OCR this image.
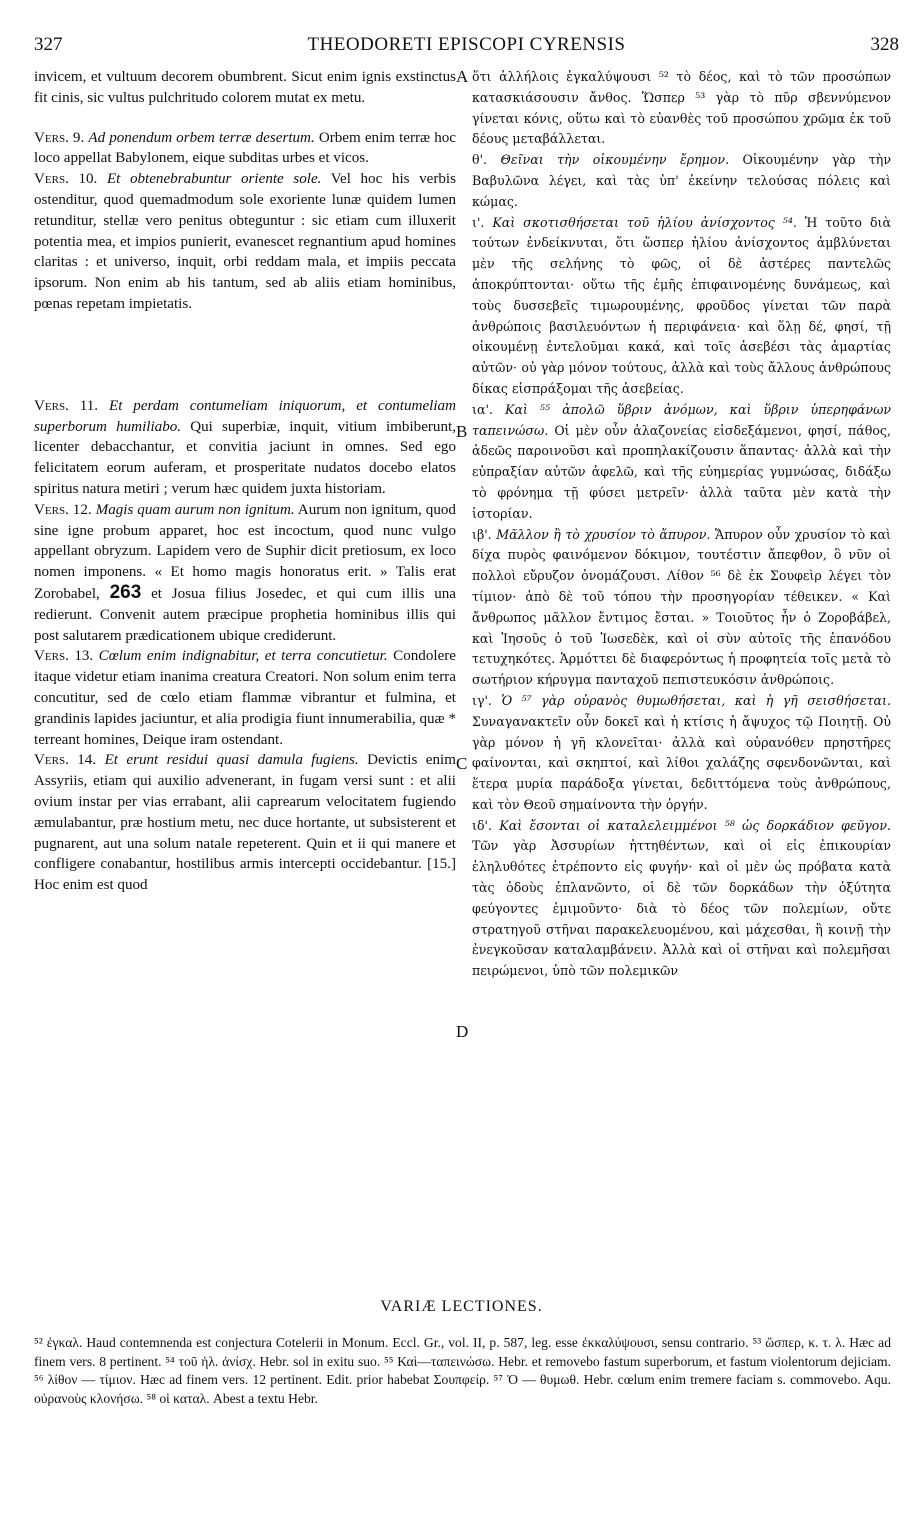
327	THEODORETI EPISCOPI CYRENSIS	328
A
B
C
D

invicem, et vultuum decorem obumbrent. Sicut enim ignis exstinctus fit cinis, sic vultus pulchritudo colorem mutat ex metu.

Vers. 9. Ad ponendum orbem terræ desertum. Orbem enim terræ hoc loco appellat Babylonem, eique subditas urbes et vicos.

Vers. 10. Et obtenebrabuntur oriente sole. Vel hoc his verbis ostenditur, quod quemadmodum sole exoriente lunæ quidem lumen retunditur, stellæ vero penitus obteguntur : sic etiam cum illuxerit potentia mea, et impios punierit, evanescet regnantium apud homines claritas : et universo, inquit, orbi reddam mala, et impiis peccata ipsorum. Non enim ab his tantum, sed ab aliis etiam hominibus, pœnas repetam impietatis.

Vers. 11. Et perdam contumeliam iniquorum, et contumeliam superborum humiliabo. Qui superbiæ, inquit, vitium imbiberunt, licenter debacchantur, et convitia jaciunt in omnes. Sed ego felicitatem eorum auferam, et prosperitate nudatos docebo elatos spiritus natura metiri ; verum hæc quidem juxta historiam.

Vers. 12. Magis quam aurum non ignitum. Aurum non ignitum, quod sine igne probum apparet, hoc est incoctum, quod nunc vulgo appellant obryzum. Lapidem vero de Suphir dicit pretiosum, ex loco nomen imponens. « Et homo magis honoratus erit. » Talis erat Zorobabel, 263 et Josua filius Josedec, et qui cum illis una redierunt. Convenit autem præcipue prophetia hominibus illis qui post salutarem prædicationem ubique crediderunt.

Vers. 13. Cœlum enim indignabitur, et terra concutietur. Condolere itaque videtur etiam inanima creatura Creatori. Non solum enim terra concutitur, sed de cœlo etiam flammæ vibrantur et fulmina, et grandinis lapides jaciuntur, et alia prodigia fiunt innumerabilia, quæ * terreant homines, Deique iram ostendant.

Vers. 14. Et erunt residui quasi damula fugiens. Devictis enim Assyriis, etiam qui auxilio advenerant, in fugam versi sunt : et alii ovium instar per vias errabant, alii caprearum velocitatem fugiendo æmulabantur, præ hostium metu, nec duce hortante, ut subsisterent et pugnarent, aut una solum natale repeterent. Quin et ii qui manere et confligere conabantur, hostilibus armis intercepti occidebantur. [15.] Hoc enim est quod

ὅτι ἀλλήλοις ἐγκαλύψουσι ⁵² τὸ δέος, καὶ τὸ τῶν προσώπων κατασκιάσουσιν ἄνθος. Ὥσπερ ⁵³ γὰρ τὸ πῦρ σβεννύμενον γίνεται κόνις, οὕτω καὶ τὸ εὐανθὲς τοῦ προσώπου χρῶμα ἐκ τοῦ δέους μεταβάλλεται.

θ'. Θεῖναι τὴν οἰκουμένην ἔρημον. Οἰκουμένην γὰρ τὴν Βαβυλῶνα λέγει, καὶ τὰς ὑπ' ἐκείνην τελούσας πόλεις καὶ κώμας.

ι'. Καὶ σκοτισθήσεται τοῦ ἡλίου ἀνίσχοντος ⁵⁴. Ἡ τοῦτο διὰ τούτων ἐνδείκνυται, ὅτι ὥσπερ ἡλίου ἀνίσχοντος ἀμβλύνεται μὲν τῆς σελήνης τὸ φῶς, οἱ δὲ ἀστέρες παντελῶς ἀποκρύπτονται· οὕτω τῆς ἐμῆς ἐπιφαινομένης δυνάμεως, καὶ τοὺς δυσσεβεῖς τιμωρουμένης, φροῦδος γίνεται τῶν παρὰ ἀνθρώποις βασιλευόντων ἡ περιφάνεια· καὶ ὅλῃ δέ, φησί, τῇ οἰκουμένῃ ἐντελοῦμαι κακά, καὶ τοῖς ἀσεβέσι τὰς ἁμαρτίας αὐτῶν· οὐ γὰρ μόνον τούτους, ἀλλὰ καὶ τοὺς ἄλλους ἀνθρώπους δίκας εἰσπράξομαι τῆς ἀσεβείας.

ια'. Καὶ ⁵⁵ ἀπολῶ ὕβριν ἀνόμων, καὶ ὕβριν ὑπερηφάνων ταπεινώσω. Οἱ μὲν οὖν ἀλαζονείας εἰσδεξάμενοι, φησί, πάθος, ἀδεῶς παροινοῦσι καὶ προπηλακίζουσιν ἅπαντας· ἀλλὰ καὶ τὴν εὐπραξίαν αὐτῶν ἀφελῶ, καὶ τῆς εὐημερίας γυμνώσας, διδάξω τὸ φρόνημα τῇ φύσει μετρεῖν· ἀλλὰ ταῦτα μὲν κατὰ τὴν ἱστορίαν.

ιβ'. Μᾶλλον ἢ τὸ χρυσίον τὸ ἄπυρον. Ἄπυρον οὖν χρυσίον τὸ καὶ δίχα πυρὸς φαινόμενον δόκιμον, τουτέστιν ἄπεφθον, ὃ νῦν οἱ πολλοὶ εὔρυζον ὀνομάζουσι. Λίθον ⁵⁶ δὲ ἐκ Σουφεὶρ λέγει τὸν τίμιον· ἀπὸ δὲ τοῦ τόπου τὴν προσηγορίαν τέθεικεν. « Καὶ ἄνθρωπος μᾶλλον ἔντιμος ἔσται. » Τοιοῦτος ἦν ὁ Ζοροβάβελ, καὶ Ἰησοῦς ὁ τοῦ Ἰωσεδὲκ, καὶ οἱ σὺν αὐτοῖς τῆς ἐπανόδου τετυχηκότες. Ἁρμόττει δὲ διαφερόντως ἡ προφητεία τοῖς μετὰ τὸ σωτήριον κήρυγμα πανταχοῦ πεπιστευκόσιν ἀνθρώποις.

ιγ'. Ὁ ⁵⁷ γὰρ οὐρανὸς θυμωθήσεται, καὶ ἡ γῆ σεισθήσεται. Συναγανακτεῖν οὖν δοκεῖ καὶ ἡ κτίσις ἡ ἄψυχος τῷ Ποιητῇ. Οὐ γὰρ μόνον ἡ γῆ κλονεῖται· ἀλλὰ καὶ οὐρανόθεν πρηστῆρες φαίνονται, καὶ σκηπτοί, καὶ λίθοι χαλάζης σφενδονῶνται, καὶ ἕτερα μυρία παράδοξα γίνεται, δεδιττόμενα τοὺς ἀνθρώπους, καὶ τὸν Θεοῦ σημαίνοντα τὴν ὀργήν.

ιδ'. Καὶ ἔσονται οἱ καταλελειμμένοι ⁵⁸ ὡς δορκάδιον φεῦγον. Τῶν γὰρ Ἀσσυρίων ἡττηθέντων, καὶ οἱ εἰς ἐπικουρίαν ἐληλυθότες ἐτρέποντο εἰς φυγήν· καὶ οἱ μὲν ὡς πρόβατα κατὰ τὰς ὁδοὺς ἐπλανῶντο, οἱ δὲ τῶν δορκάδων τὴν ὀξύτητα φεύγοντες ἐμιμοῦντο· διὰ τὸ δέος τῶν πολεμίων, οὔτε στρατηγοῦ στῆναι παρακελευομένου, καὶ μάχεσθαι, ἢ κοινῇ τὴν ἐνεγκοῦσαν καταλαμβάνειν. Ἀλλὰ καὶ οἱ στῆναι καὶ πολεμῆσαι πειρώμενοι, ὑπὸ τῶν πολεμικῶν

VARIÆ LECTIONES.

⁵² ἐγκαλ. Haud contemnenda est conjectura Cotelerii in Monum. Eccl. Gr., vol. II, p. 587, leg. esse ἐκκαλύψουσι, sensu contrario. ⁵³ ὥσπερ, κ. τ. λ. Hæc ad finem vers. 8 pertinent. ⁵⁴ τοῦ ἡλ. ἀνίσχ. Hebr. sol in exitu suo. ⁵⁵ Καὶ—ταπεινώσω. Hebr. et removebo fastum superborum, et fastum violentorum dejiciam. ⁵⁶ λίθον — τίμιον. Hæc ad finem vers. 12 pertinent. Edit. prior habebat Σουπφείρ. ⁵⁷ Ὁ — θυμωθ. Hebr. cœlum enim tremere faciam s. commovebo. Aqu. οὐρανοὺς κλονήσω. ⁵⁸ οἱ καταλ. Abest a textu Hebr.
